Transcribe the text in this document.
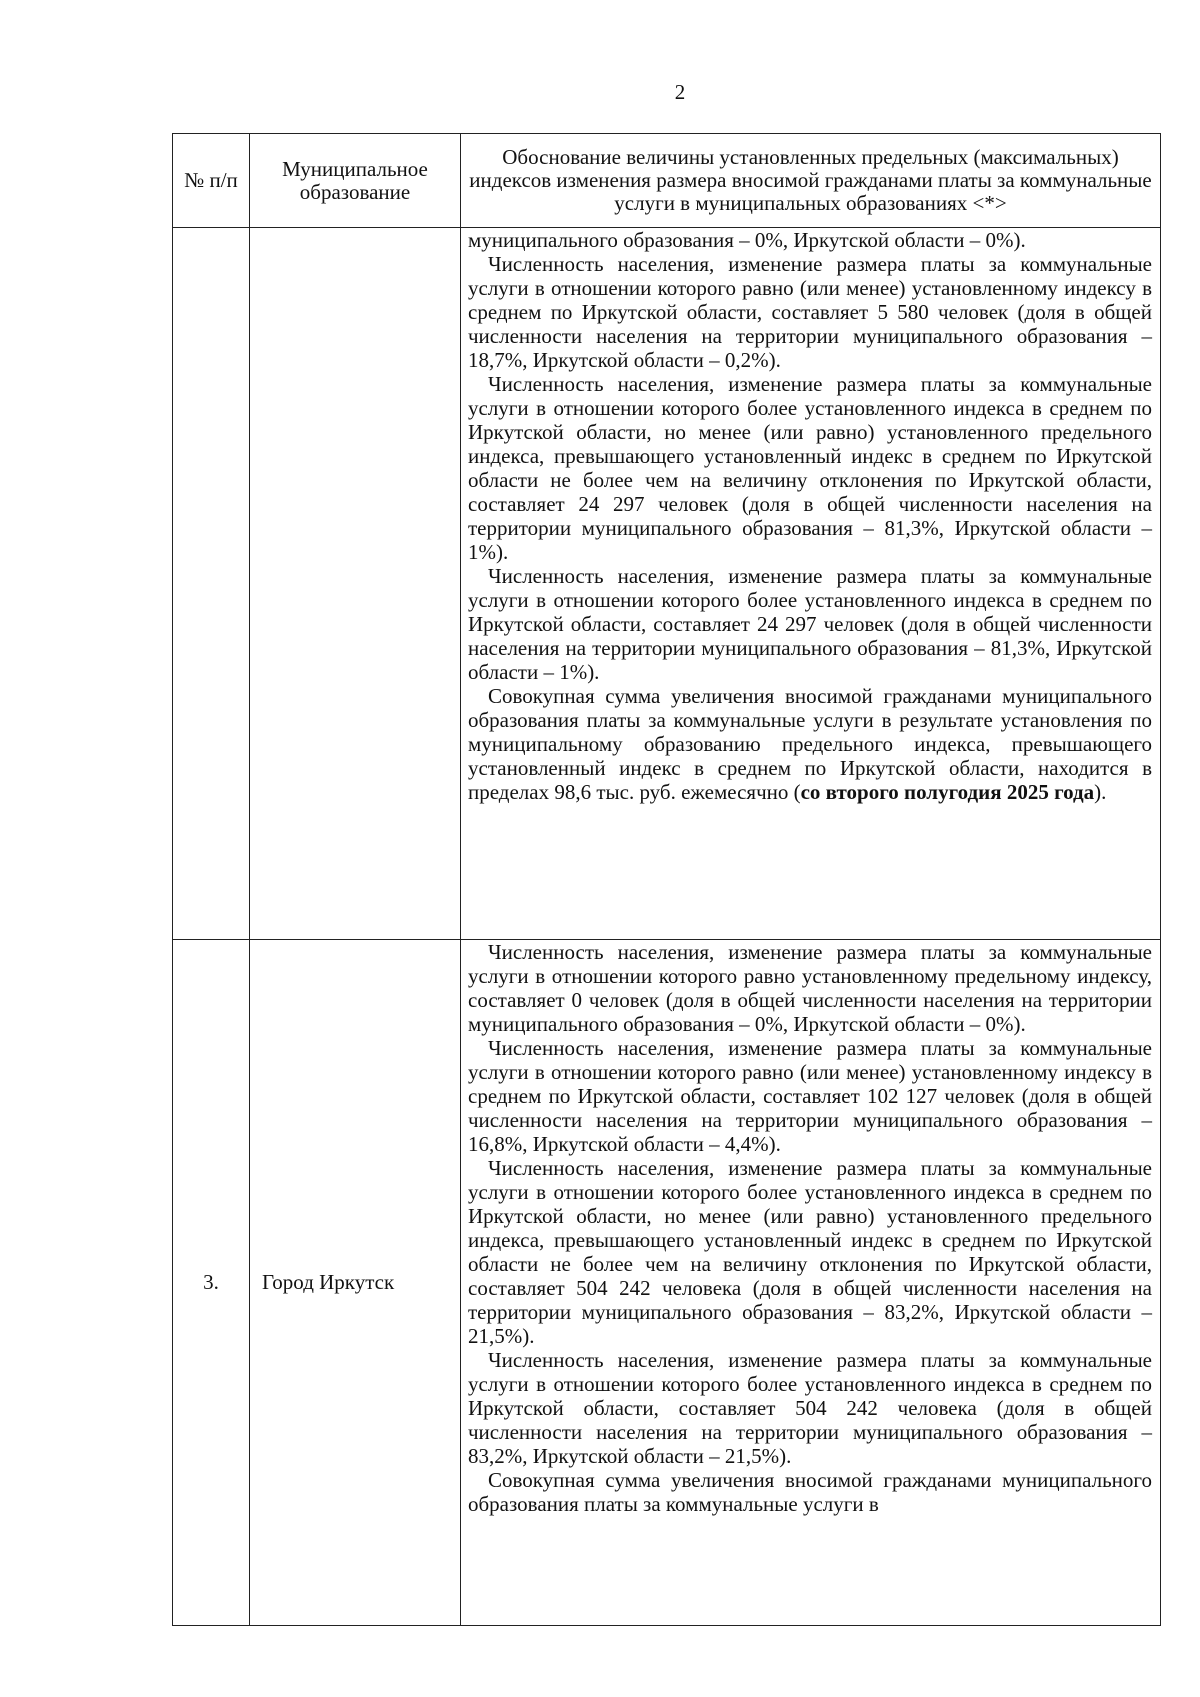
2
№ п/п	Муниципальное образование	Обоснование величины установленных предельных (максимальных) индексов изменения размера вносимой гражданами платы за коммунальные услуги в муниципальных образованиях <*>

		муниципального образования – 0%, Иркутской области – 0%).

Численность населения, изменение размера платы за коммунальные услуги в отношении которого равно (или менее) установленному индексу в среднем по Иркутской области, составляет 5 580 человек (доля в общей численности населения на территории муниципального образования – 18,7%, Иркутской области – 0,2%).

Численность населения, изменение размера платы за коммунальные услуги в отношении которого более установленного индекса в среднем по Иркутской области, но менее (или равно) установленного предельного индекса, превышающего установленный индекс в среднем по Иркутской области не более чем на величину отклонения по Иркутской области, составляет 24 297 человек (доля в общей численности населения на территории муниципального образования – 81,3%, Иркутской области – 1%).

Численность населения, изменение размера платы за коммунальные услуги в отношении которого более установленного индекса в среднем по Иркутской области, составляет 24 297 человек (доля в общей численности населения на территории муниципального образования – 81,3%, Иркутской области – 1%).

Совокупная сумма увеличения вносимой гражданами муниципального образования платы за коммунальные услуги в результате установления по муниципальному образованию предельного индекса, превышающего установленный индекс в среднем по Иркутской области, находится в пределах 98,6 тыс. руб. ежемесячно (со второго полугодия 2025 года).

3.	Город Иркутск	Численность населения, изменение размера платы за коммунальные услуги в отношении которого равно установленному предельному индексу, составляет 0 человек (доля в общей численности населения на территории муниципального образования – 0%, Иркутской области – 0%).

Численность населения, изменение размера платы за коммунальные услуги в отношении которого равно (или менее) установленному индексу в среднем по Иркутской области, составляет 102 127 человек (доля в общей численности населения на территории муниципального образования – 16,8%, Иркутской области – 4,4%).

Численность населения, изменение размера платы за коммунальные услуги в отношении которого более установленного индекса в среднем по Иркутской области, но менее (или равно) установленного предельного индекса, превышающего установленный индекс в среднем по Иркутской области не более чем на величину отклонения по Иркутской области, составляет 504 242 человека (доля в общей численности населения на территории муниципального образования – 83,2%, Иркутской области – 21,5%).

Численность населения, изменение размера платы за коммунальные услуги в отношении которого более установленного индекса в среднем по Иркутской области, составляет 504 242 человека (доля в общей численности населения на территории муниципального образования – 83,2%, Иркутской области – 21,5%).

Совокупная сумма увеличения вносимой гражданами муниципального образования платы за коммунальные услуги в
